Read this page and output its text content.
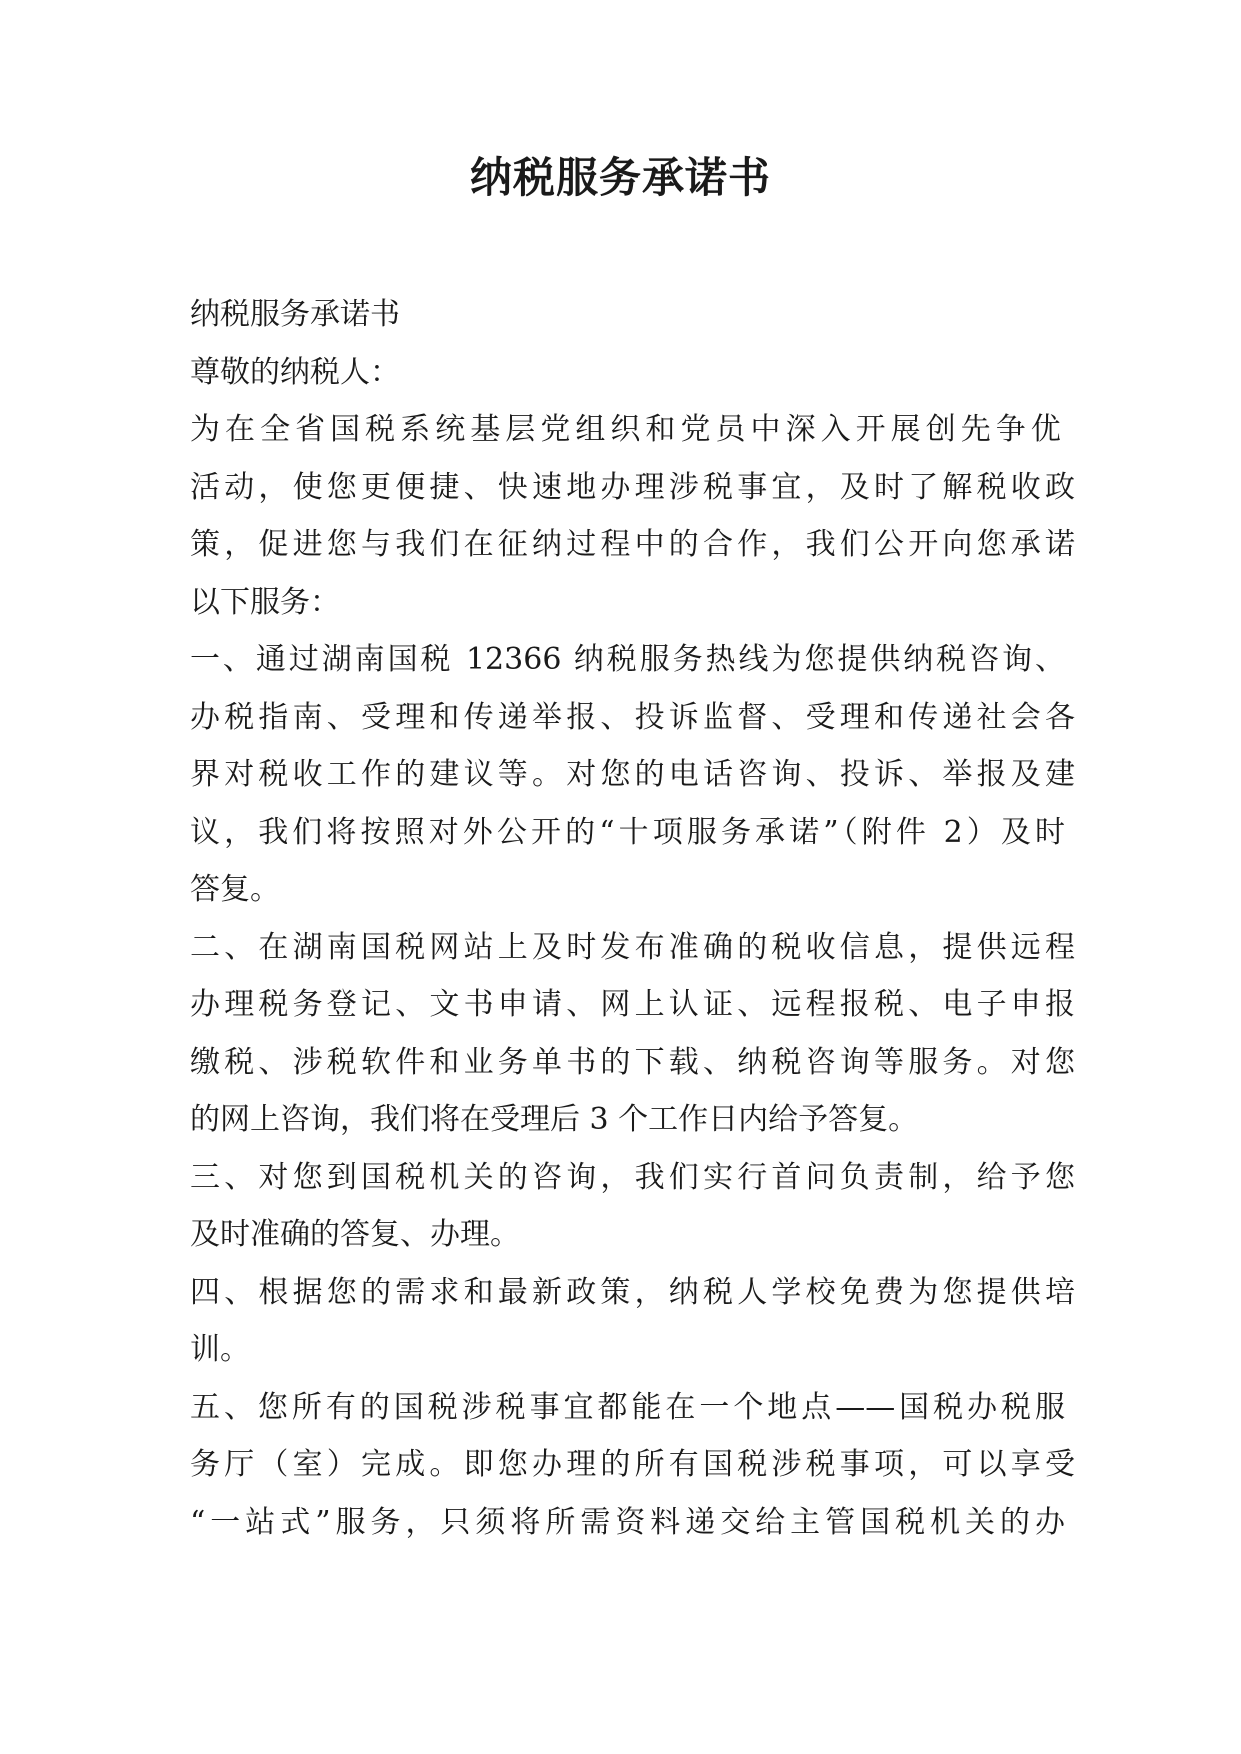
纳税服务承诺书
纳税服务承诺书
尊敬的纳税人：
为在全省国税系统基层党组织和党员中深入开展创先争优
活动，使您更便捷、快速地办理涉税事宜，及时了解税收政
策，促进您与我们在征纳过程中的合作，我们公开向您承诺
以下服务：
一、通过湖南国税 12366 纳税服务热线为您提供纳税咨询、
办税指南、受理和传递举报、投诉监督、受理和传递社会各
界对税收工作的建议等。对您的电话咨询、投诉、举报及建
议，我们将按照对外公开的“十项服务承诺”（附件 2）及时
答复。
二、在湖南国税网站上及时发布准确的税收信息，提供远程
办理税务登记、文书申请、网上认证、远程报税、电子申报
缴税、涉税软件和业务单书的下载、纳税咨询等服务。对您
的网上咨询，我们将在受理后 3 个工作日内给予答复。
三、对您到国税机关的咨询，我们实行首问负责制，给予您
及时准确的答复、办理。
四、根据您的需求和最新政策，纳税人学校免费为您提供培
训。
五、您所有的国税涉税事宜都能在一个地点——国税办税服
务厅（室）完成。即您办理的所有国税涉税事项，可以享受
“一站式”服务，只须将所需资料递交给主管国税机关的办
